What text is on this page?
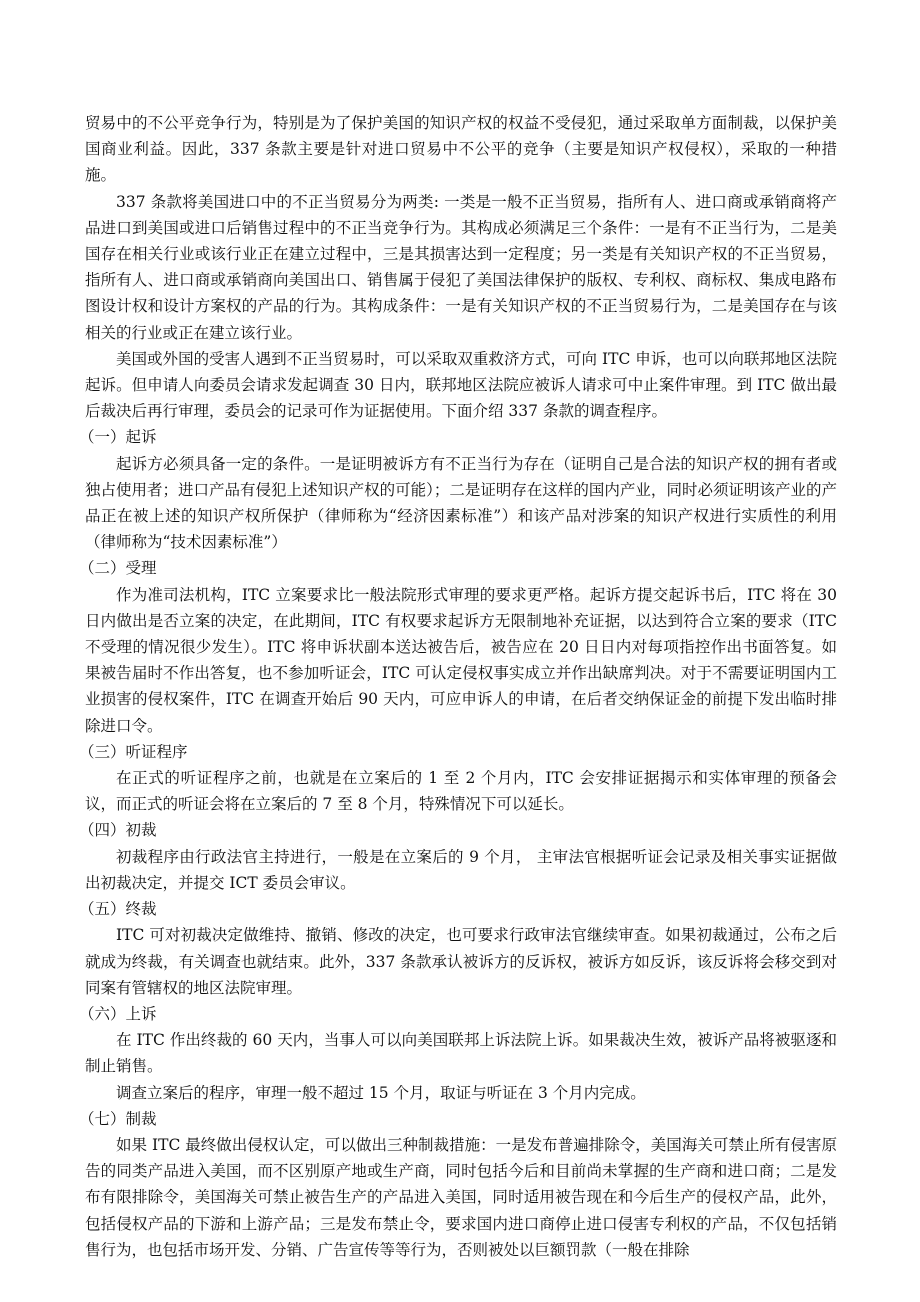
贸易中的不公平竞争行为，特别是为了保护美国的知识产权的权益不受侵犯，通过采取单方面制裁，以保护美国商业利益。因此，337 条款主要是针对进口贸易中不公平的竞争（主要是知识产权侵权），采取的一种措施。

337 条款将美国进口中的不正当贸易分为两类: 一类是一般不正当贸易，指所有人、进口商或承销商将产品进口到美国或进口后销售过程中的不正当竞争行为。其构成必须满足三个条件：一是有不正当行为，二是美国存在相关行业或该行业正在建立过程中，三是其损害达到一定程度；另一类是有关知识产权的不正当贸易，指所有人、进口商或承销商向美国出口、销售属于侵犯了美国法律保护的版权、专利权、商标权、集成电路布图设计权和设计方案权的产品的行为。其构成条件：一是有关知识产权的不正当贸易行为，二是美国存在与该相关的行业或正在建立该行业。

美国或外国的受害人遇到不正当贸易时，可以采取双重救济方式，可向 ITC 申诉，也可以向联邦地区法院起诉。但申请人向委员会请求发起调查 30 日内，联邦地区法院应被诉人请求可中止案件审理。到 ITC 做出最后裁决后再行审理，委员会的记录可作为证据使用。下面介绍 337 条款的调查程序。

（一）起诉

起诉方必须具备一定的条件。一是证明被诉方有不正当行为存在（证明自己是合法的知识产权的拥有者或独占使用者；进口产品有侵犯上述知识产权的可能）；二是证明存在这样的国内产业，同时必须证明该产业的产品正在被上述的知识产权所保护（律师称为“经济因素标准”）和该产品对涉案的知识产权进行实质性的利用（律师称为“技术因素标准”）

（二）受理

作为准司法机构，ITC 立案要求比一般法院形式审理的要求更严格。起诉方提交起诉书后，ITC 将在 30 日内做出是否立案的决定，在此期间，ITC 有权要求起诉方无限制地补充证据，以达到符合立案的要求（ITC 不受理的情况很少发生）。ITC 将申诉状副本送达被告后，被告应在 20 日日内对每项指控作出书面答复。如果被告届时不作出答复，也不参加听证会，ITC 可认定侵权事实成立并作出缺席判决。对于不需要证明国内工业损害的侵权案件，ITC 在调查开始后 90 天内，可应申诉人的申请，在后者交纳保证金的前提下发出临时排除进口令。

（三）听证程序

在正式的听证程序之前，也就是在立案后的 1 至 2 个月内，ITC 会安排证据揭示和实体审理的预备会议，而正式的听证会将在立案后的 7 至 8 个月，特殊情况下可以延长。

（四）初裁

初裁程序由行政法官主持进行，一般是在立案后的 9 个月， 主审法官根据听证会记录及相关事实证据做出初裁决定，并提交 ICT 委员会审议。

（五）终裁

ITC 可对初裁决定做维持、撤销、修改的决定，也可要求行政审法官继续审查。如果初裁通过，公布之后就成为终裁，有关调查也就结束。此外，337 条款承认被诉方的反诉权，被诉方如反诉，该反诉将会移交到对同案有管辖权的地区法院审理。

（六）上诉

在 ITC 作出终裁的 60 天内，当事人可以向美国联邦上诉法院上诉。如果裁决生效，被诉产品将被驱逐和制止销售。

调查立案后的程序，审理一般不超过 15 个月，取证与听证在 3 个月内完成。

（七）制裁

如果 ITC 最终做出侵权认定，可以做出三种制裁措施：一是发布普遍排除令，美国海关可禁止所有侵害原告的同类产品进入美国，而不区别原产地或生产商，同时包括今后和目前尚未掌握的生产商和进口商；二是发布有限排除令，美国海关可禁止被告生产的产品进入美国，同时适用被告现在和今后生产的侵权产品，此外，包括侵权产品的下游和上游产品；三是发布禁止令，要求国内进口商停止进口侵害专利权的产品，不仅包括销售行为，也包括市场开发、分销、广告宣传等等行为，否则被处以巨额罚款（一般在排除
